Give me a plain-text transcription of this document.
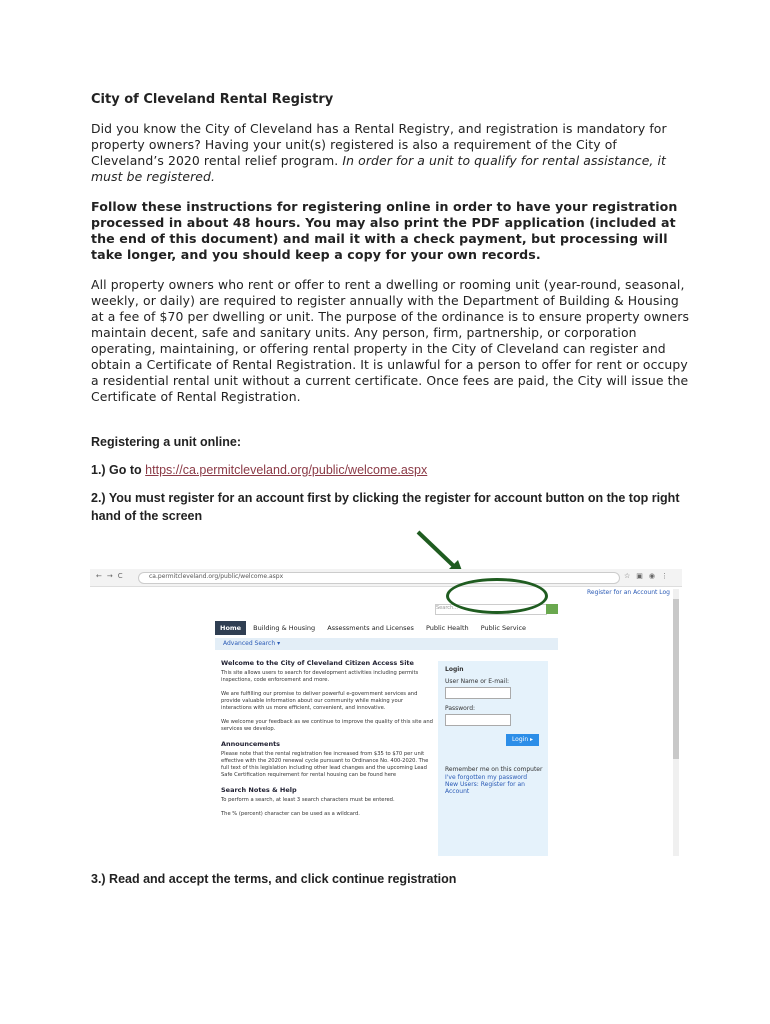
City of Cleveland Rental Registry

Did you know the City of Cleveland has a Rental Registry, and registration is mandatory for property owners? Having your unit(s) registered is also a requirement of the City of Cleveland’s 2020 rental relief program. In order for a unit to qualify for rental assistance, it must be registered.

Follow these instructions for registering online in order to have your registration processed in about 48 hours. You may also print the PDF application (included at the end of this document) and mail it with a check payment, but processing will take longer, and you should keep a copy for your own records.

All property owners who rent or offer to rent a dwelling or rooming unit (year-round, seasonal, weekly, or daily) are required to register annually with the Department of Building & Housing at a fee of $70 per dwelling or unit. The purpose of the ordinance is to ensure property owners maintain decent, safe and sanitary units. Any person, firm, partnership, or corporation operating, maintaining, or offering rental property in the City of Cleveland can register and obtain a Certificate of Rental Registration. It is unlawful for a person to offer for rent or occupy a residential rental unit without a current certificate. Once fees are paid, the City will issue the Certificate of Rental Registration.

Registering a unit online:

1.) Go to https://ca.permitcleveland.org/public/welcome.aspx

2.) You must register for an account first by clicking the register for account button on the top right hand of the screen

←→C	ca.permitcleveland.org/public/welcome.aspx	☆▣◉⋮
Register for an Account Log
Search...
Home Building & Housing Assessments and Licenses Public Health Public Service
Advanced Search ▾
Welcome to the City of Cleveland Citizen Access Site

This site allows users to search for development activities including permits inspections, code enforcement and more.

We are fulfilling our promise to deliver powerful e-government services and provide valuable information about our community while making your interactions with us more efficient, convenient, and innovative.

We welcome your feedback as we continue to improve the quality of this site and services we develop.

Announcements

Please note that the rental registration fee increased from $35 to $70 per unit effective with the 2020 renewal cycle pursuant to Ordinance No. 400-2020. The full text of this legislation including other lead changes and the upcoming Lead Safe Certification requirement for rental housing can be found here

Search Notes & Help

To perform a search, at least 3 search characters must be entered.

The % (percent) character can be used as a wildcard.

Login
User Name or E-mail:
Password:
Login ▸
Remember me on this computer
I've forgotten my password
New Users: Register for an Account

3.) Read and accept the terms, and click continue registration
